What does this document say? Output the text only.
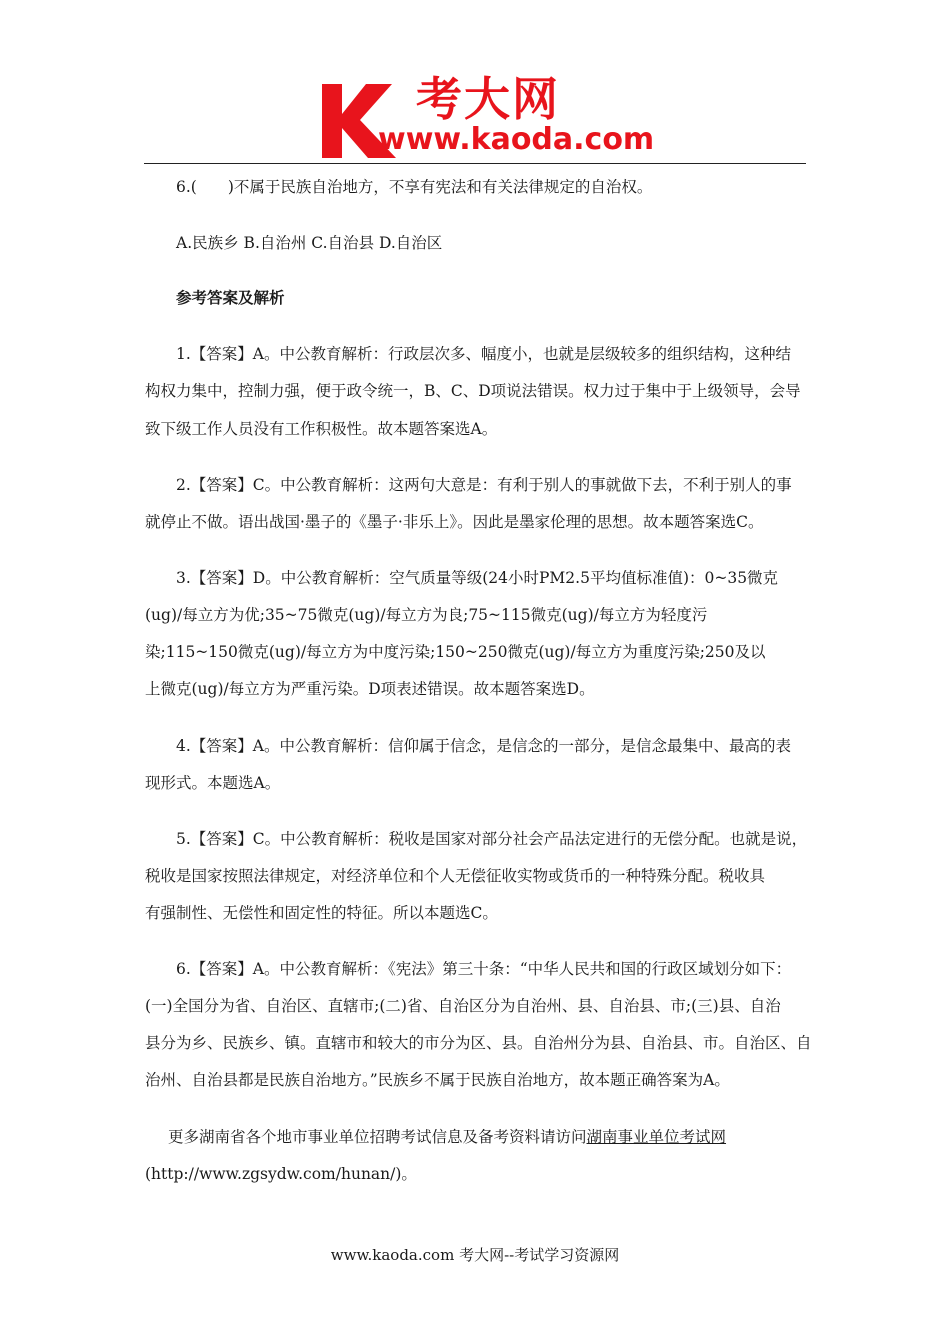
考大网
www.kaoda.com
6.(　　)不属于民族自治地方，不享有宪法和有关法律规定的自治权。
A.民族乡 B.自治州 C.自治县 D.自治区
参考答案及解析
1.【答案】A。中公教育解析：行政层次多、幅度小，也就是层级较多的组织结构，这种结
构权力集中，控制力强，便于政令统一，B、C、D项说法错误。权力过于集中于上级领导，会导
致下级工作人员没有工作积极性。故本题答案选A。
2.【答案】C。中公教育解析：这两句大意是：有利于别人的事就做下去，不利于别人的事
就停止不做。语出战国·墨子的《墨子·非乐上》。因此是墨家伦理的思想。故本题答案选C。
3.【答案】D。中公教育解析：空气质量等级(24小时PM2.5平均值标准值)：0~35微克
(ug)/每立方为优;35~75微克(ug)/每立方为良;75~115微克(ug)/每立方为轻度污
染;115~150微克(ug)/每立方为中度污染;150~250微克(ug)/每立方为重度污染;250及以
上微克(ug)/每立方为严重污染。D项表述错误。故本题答案选D。
4.【答案】A。中公教育解析：信仰属于信念，是信念的一部分，是信念最集中、最高的表
现形式。本题选A。
5.【答案】C。中公教育解析：税收是国家对部分社会产品法定进行的无偿分配。也就是说，
税收是国家按照法律规定，对经济单位和个人无偿征收实物或货币的一种特殊分配。税收具
有强制性、无偿性和固定性的特征。所以本题选C。
6.【答案】A。中公教育解析：《宪法》第三十条：“中华人民共和国的行政区域划分如下：
(一)全国分为省、自治区、直辖市;(二)省、自治区分为自治州、县、自治县、市;(三)县、自治
县分为乡、民族乡、镇。直辖市和较大的市分为区、县。自治州分为县、自治县、市。自治区、自
治州、自治县都是民族自治地方。”民族乡不属于民族自治地方，故本题正确答案为A。
更多湖南省各个地市事业单位招聘考试信息及备考资料请访问湖南事业单位考试网
(http://www.zgsydw.com/hunan/)。
www.kaoda.com 考大网--考试学习资源网
